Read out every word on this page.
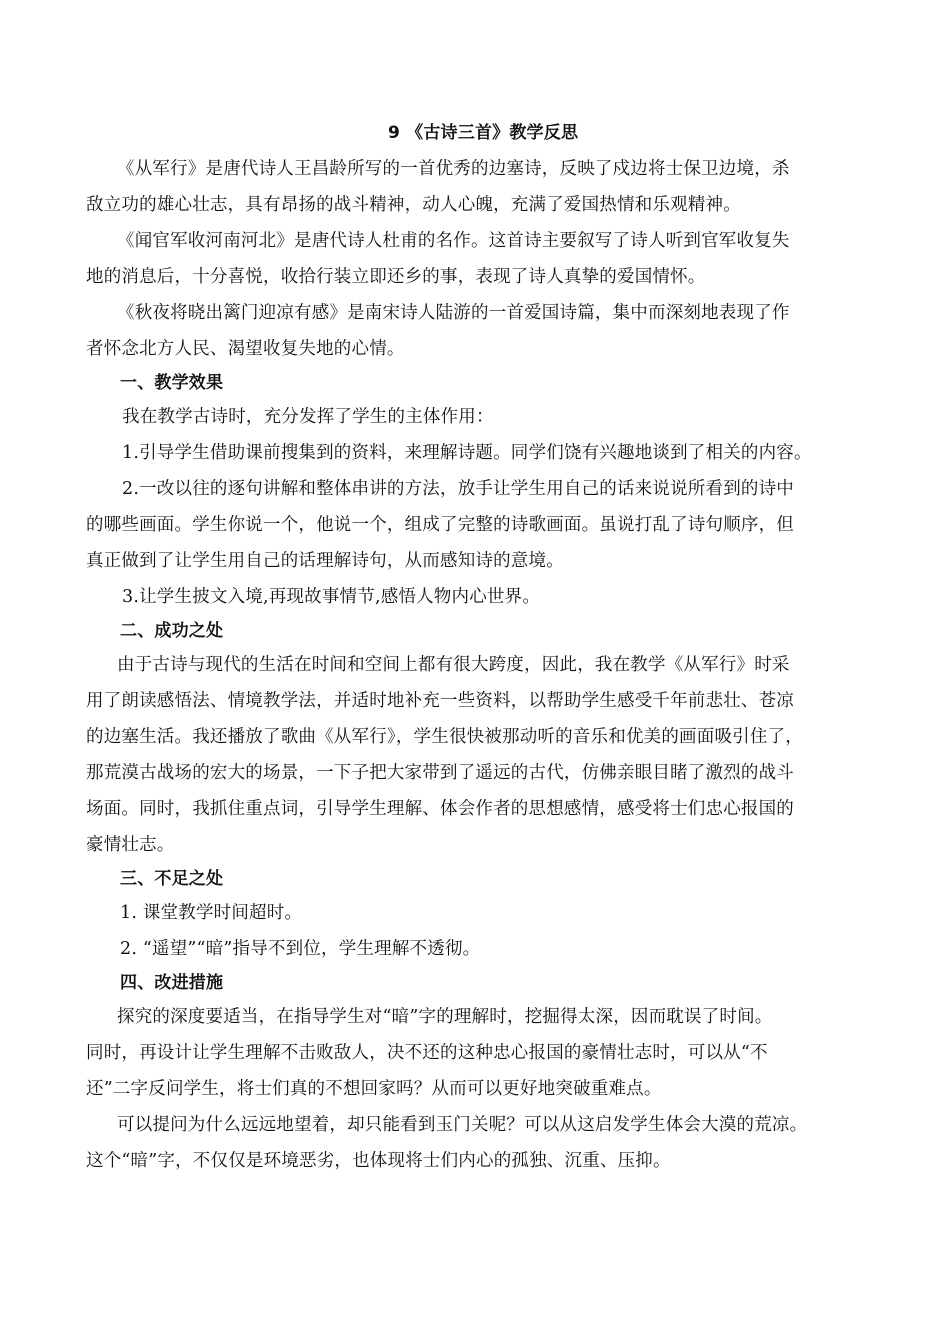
9 《古诗三首》教学反思

《从军行》是唐代诗人王昌龄所写的一首优秀的边塞诗，反映了戍边将士保卫边境，杀

敌立功的雄心壮志，具有昂扬的战斗精神，动人心魄，充满了爱国热情和乐观精神。

《闻官军收河南河北》是唐代诗人杜甫的名作。这首诗主要叙写了诗人听到官军收复失

地的消息后，十分喜悦，收拾行装立即还乡的事，表现了诗人真挚的爱国情怀。

《秋夜将晓出篱门迎凉有感》是南宋诗人陆游的一首爱国诗篇，集中而深刻地表现了作

者怀念北方人民、渴望收复失地的心情。

一、教学效果

我在教学古诗时，充分发挥了学生的主体作用：

1.引导学生借助课前搜集到的资料，来理解诗题。同学们饶有兴趣地谈到了相关的内容。

2.一改以往的逐句讲解和整体串讲的方法，放手让学生用自己的话来说说所看到的诗中

的哪些画面。学生你说一个，他说一个，组成了完整的诗歌画面。虽说打乱了诗句顺序，但

真正做到了让学生用自己的话理解诗句，从而感知诗的意境。

3.让学生披文入境,再现故事情节,感悟人物内心世界。

二、成功之处

由于古诗与现代的生活在时间和空间上都有很大跨度，因此，我在教学《从军行》时采

用了朗读感悟法、情境教学法，并适时地补充一些资料，以帮助学生感受千年前悲壮、苍凉

的边塞生活。我还播放了歌曲《从军行》，学生很快被那动听的音乐和优美的画面吸引住了，

那荒漠古战场的宏大的场景，一下子把大家带到了遥远的古代，仿佛亲眼目睹了激烈的战斗

场面。同时，我抓住重点词，引导学生理解、体会作者的思想感情，感受将士们忠心报国的

豪情壮志。

三、不足之处

1. 课堂教学时间超时。

2. “遥望”“暗”指导不到位，学生理解不透彻。

四、改进措施

探究的深度要适当，在指导学生对“暗”字的理解时，挖掘得太深，因而耽误了时间。

同时，再设计让学生理解不击败敌人，决不还的这种忠心报国的豪情壮志时，可以从“不

还”二字反问学生，将士们真的不想回家吗？从而可以更好地突破重难点。

可以提问为什么远远地望着，却只能看到玉门关呢？可以从这启发学生体会大漠的荒凉。

这个“暗”字，不仅仅是环境恶劣，也体现将士们内心的孤独、沉重、压抑。
